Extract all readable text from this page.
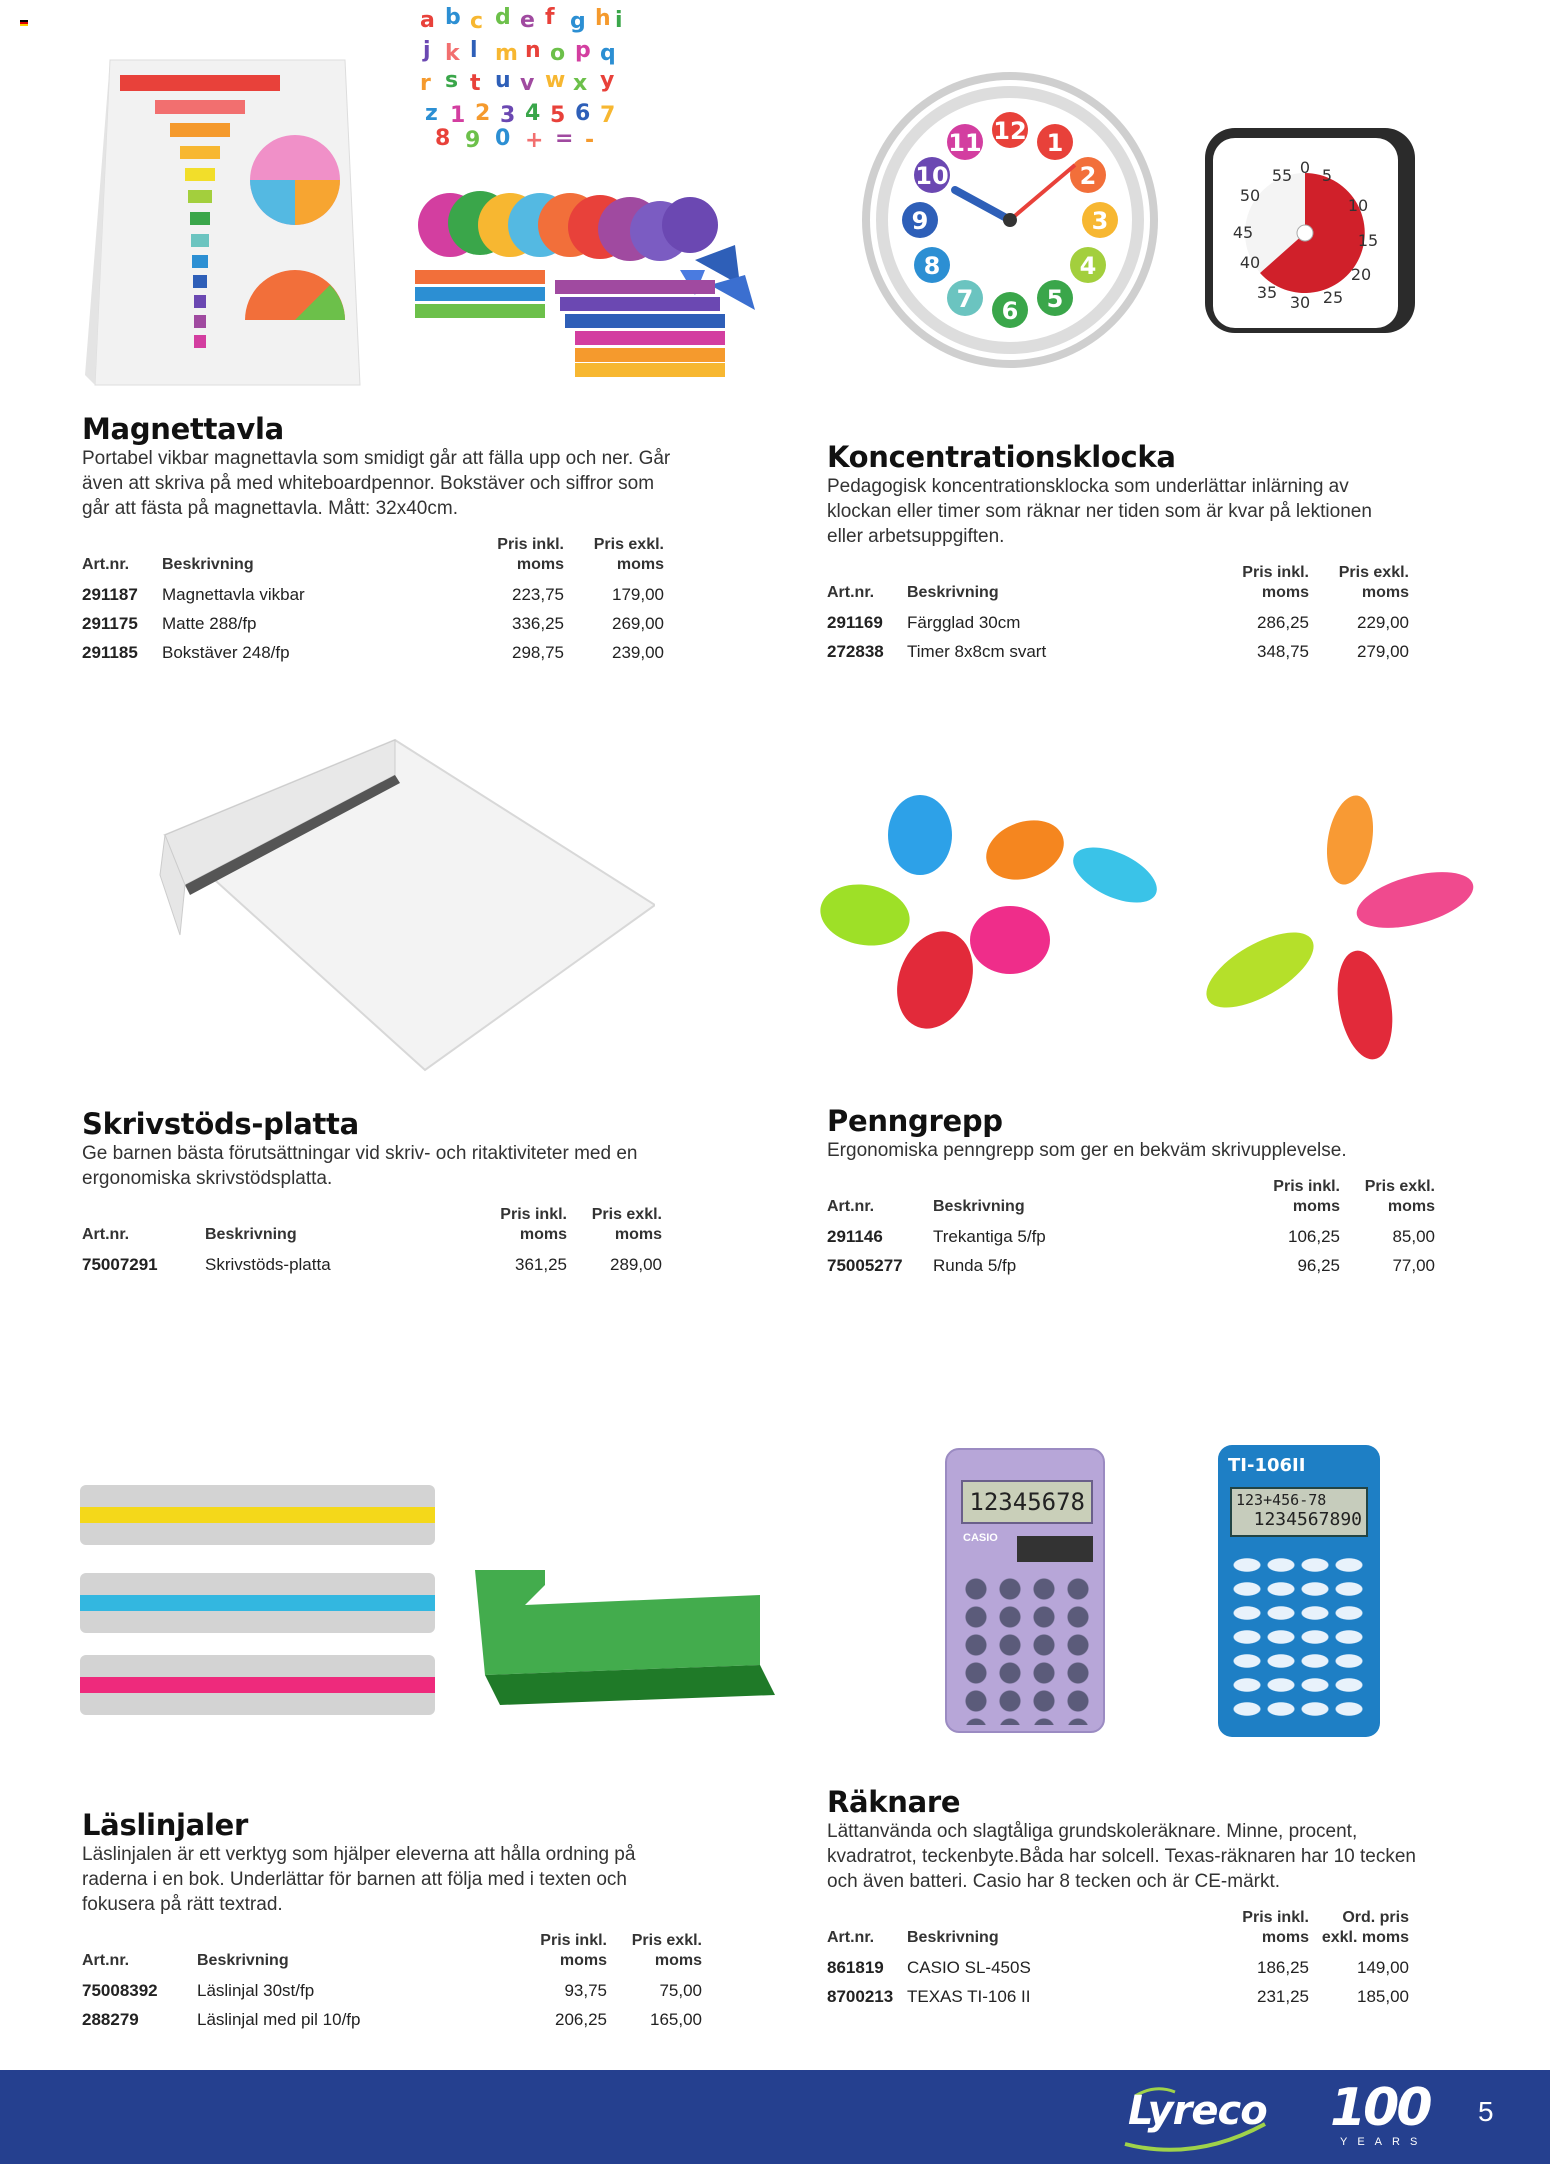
a b c d e f g h i
j k l m n o p q
r s t u v w x y
z 1 2 3 4 5 6 7
8 9 0 + = -	12 1
2
3
4
5
6
7
8
9
10
11
55 0 5
50
10
45	15
40
20
35
30 25
12345678
CASIO
TI-106II
123+456-78
1234567890
Magnettavla

Portabel vikbar magnettavla som smidigt går att fälla upp och ner. Går även att skriva på med whiteboardpennor. Bokstäver och siffror som går att fästa på magnettavla. Mått: 32x40cm.

Art.nr.	Beskrivning	Pris inkl. moms	Pris exkl. moms
291187	Magnettavla vikbar	223,75	179,00
291175	Matte 288/fp	336,25	269,00
291185	Bokstäver 248/fp	298,75	239,00
Koncentrationsklocka

Pedagogisk koncentrationsklocka som underlättar inlärning av klockan eller timer som räknar ner tiden som är kvar på lektionen eller arbetsuppgiften.

Art.nr.	Beskrivning	Pris inkl. moms	Pris exkl. moms
291169	Färgglad 30cm	286,25	229,00
272838	Timer 8x8cm svart	348,75	279,00
Skrivstöds-platta

Ge barnen bästa förutsättningar vid skriv- och ritaktiviteter med en ergonomiska skrivstödsplatta.

Art.nr.	Beskrivning	Pris inkl. moms	Pris exkl. moms
75007291	Skrivstöds-platta	361,25	289,00
Penngrepp

Ergonomiska penngrepp som ger en bekväm skrivupplevelse.

Art.nr.	Beskrivning	Pris inkl. moms	Pris exkl. moms
291146	Trekantiga 5/fp	106,25	85,00
75005277	Runda 5/fp	96,25	77,00
Läslinjaler

Läslinjalen är ett verktyg som hjälper eleverna att hålla ordning på raderna i en bok. Underlättar för barnen att följa med i texten och fokusera på rätt textrad.

Art.nr.	Beskrivning	Pris inkl. moms	Pris exkl. moms
75008392	Läslinjal 30st/fp	93,75	75,00
288279	Läslinjal med pil 10/fp	206,25	165,00
Räknare

Lättanvända och slagtåliga grundskoleräknare. Minne, procent, kvadratrot, teckenbyte.Båda har solcell. Texas-räknaren har 10 tecken och även batteri. Casio har 8 tecken och är CE-märkt.

Art.nr.	Beskrivning	Pris inkl. moms	Ord. pris exkl. moms
861819	CASIO SL-450S	186,25	149,00
8700213	TEXAS TI-106 II	231,25	185,00
Lyreco 100
YEARS
5
